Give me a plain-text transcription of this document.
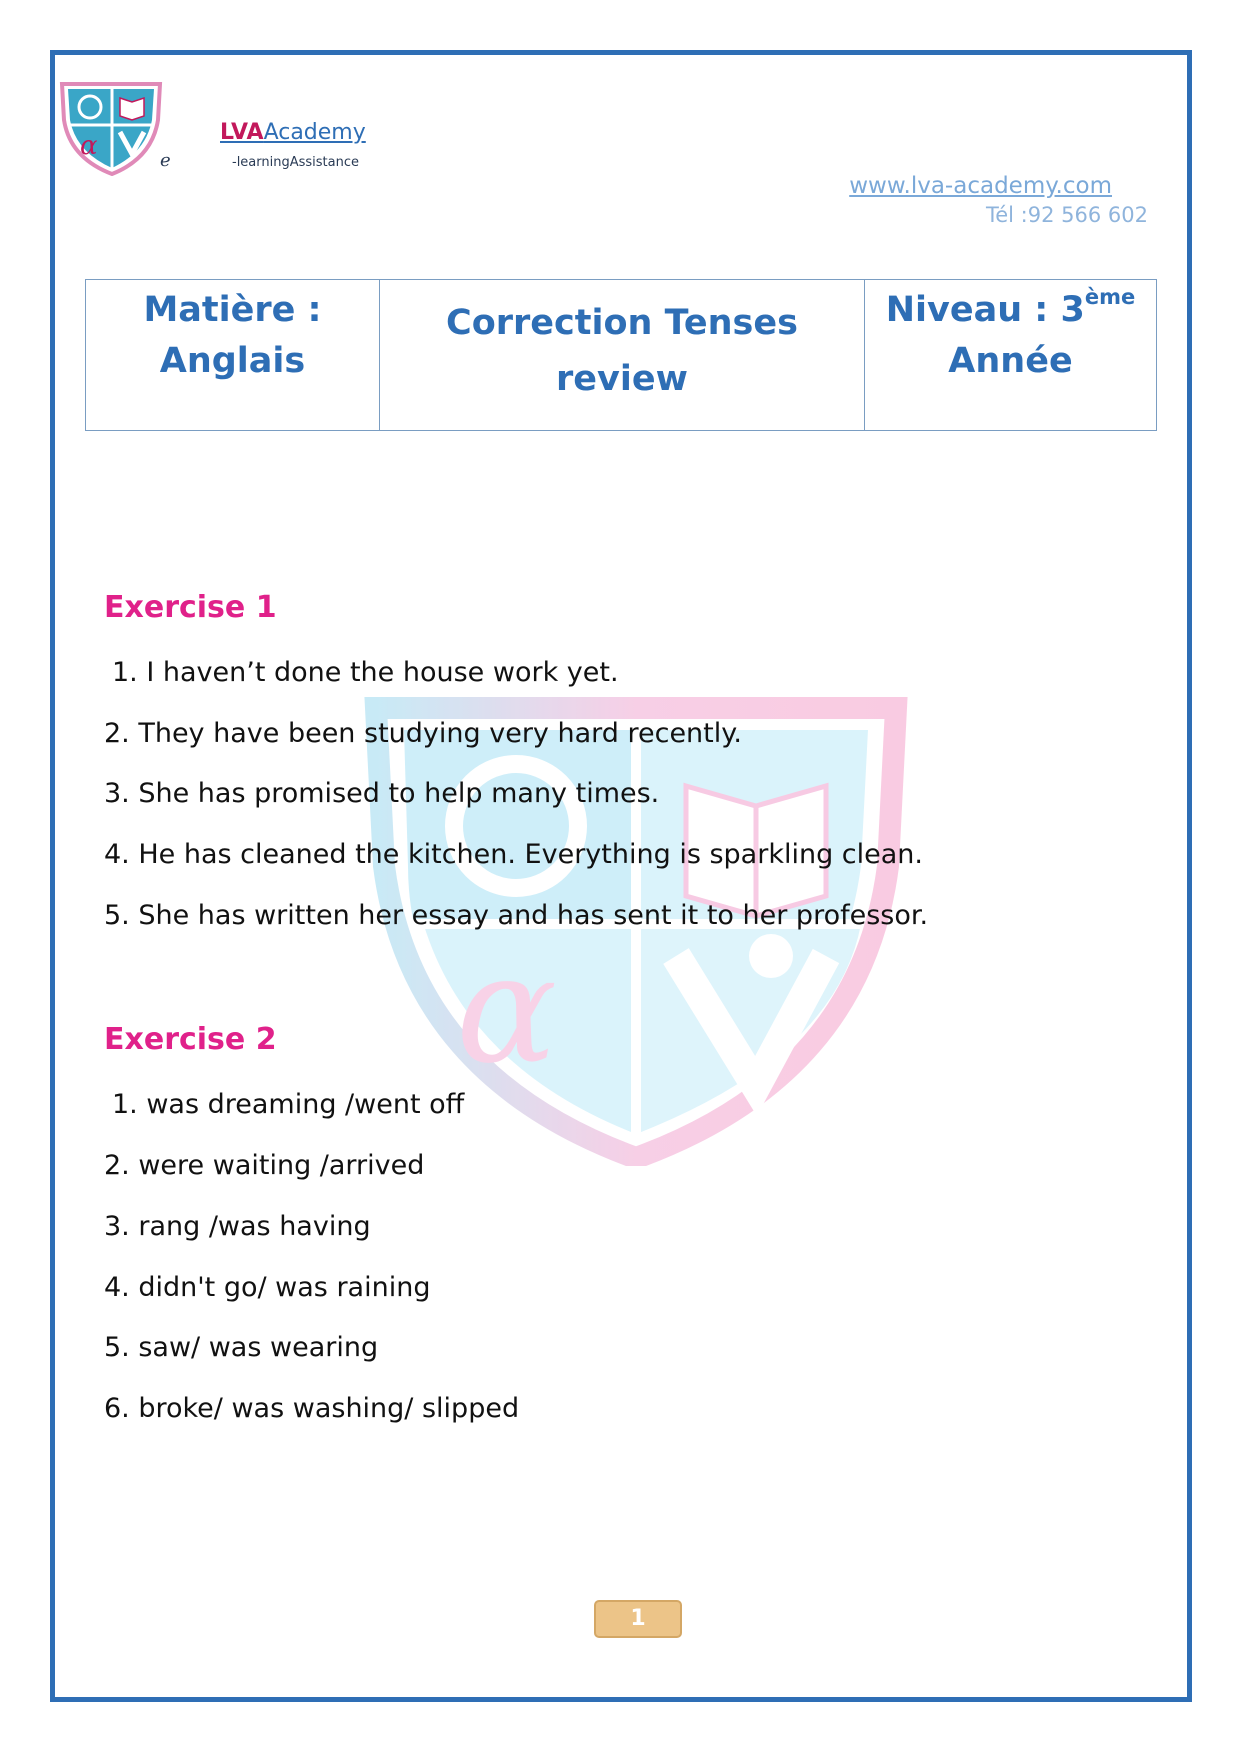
α	e
LVAAcademy
-learningAssistance
www.lva-academy.com
Tél :92 566 602
Matière :
Anglais

Correction Tenses
review

Niveau : 3ème
Année
α
Exercise 1
1. I haven’t done the house work yet.
2. They have been studying very hard recently.
3. She has promised to help many times.
4. He has cleaned the kitchen. Everything is sparkling clean.
5. She has written her essay and has sent it to her professor.
Exercise 2
1. was dreaming /went off
2. were waiting /arrived
3. rang /was having
4. didn't go/ was raining
5. saw/ was wearing
6. broke/ was washing/ slipped
1
